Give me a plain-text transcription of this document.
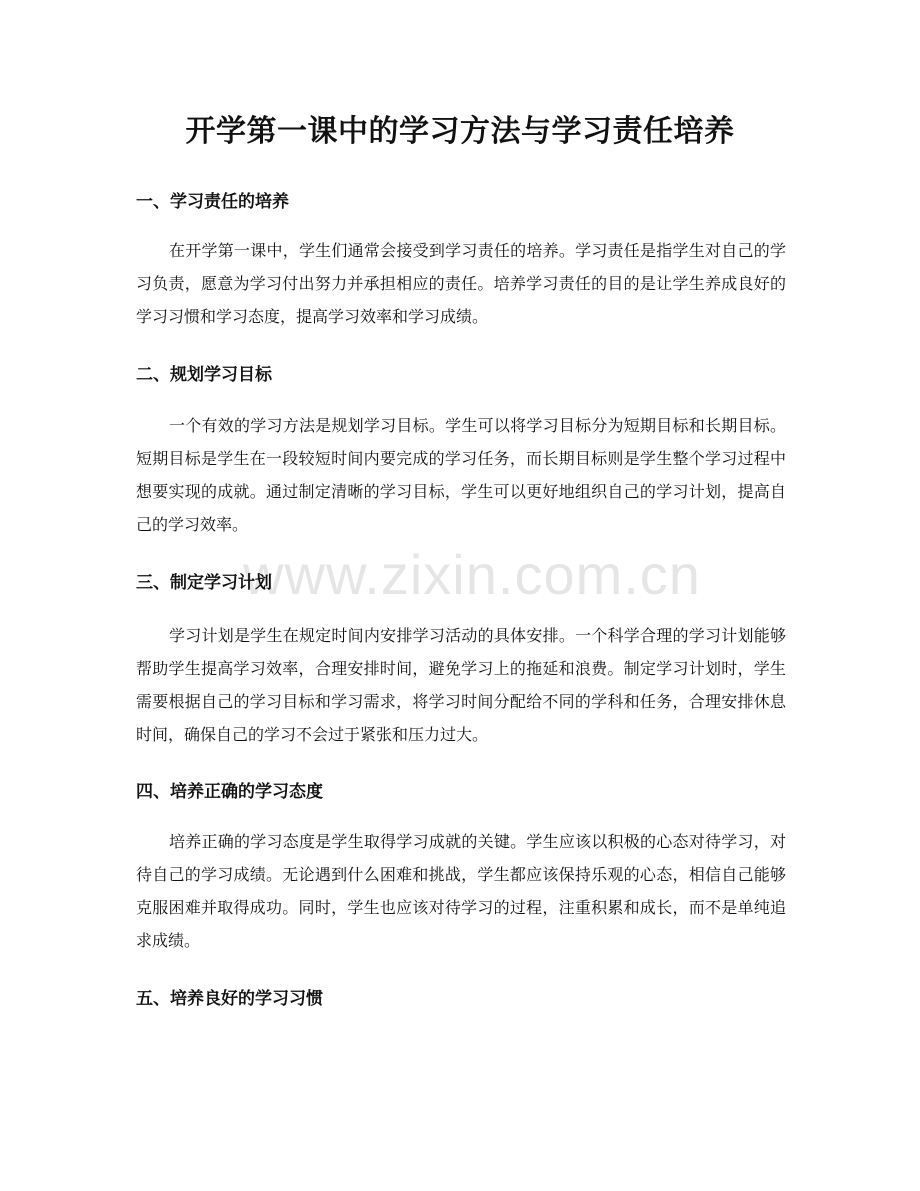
开学第一课中的学习方法与学习责任培养
一、学习责任的培养

在开学第一课中，学生们通常会接受到学习责任的培养。学习责任是指学生对自己的学习负责，愿意为学习付出努力并承担相应的责任。培养学习责任的目的是让学生养成良好的学习习惯和学习态度，提高学习效率和学习成绩。

二、规划学习目标

一个有效的学习方法是规划学习目标。学生可以将学习目标分为短期目标和长期目标。短期目标是学生在一段较短时间内要完成的学习任务，而长期目标则是学生整个学习过程中想要实现的成就。通过制定清晰的学习目标，学生可以更好地组织自己的学习计划，提高自己的学习效率。

三、制定学习计划

学习计划是学生在规定时间内安排学习活动的具体安排。一个科学合理的学习计划能够帮助学生提高学习效率，合理安排时间，避免学习上的拖延和浪费。制定学习计划时，学生需要根据自己的学习目标和学习需求，将学习时间分配给不同的学科和任务，合理安排休息时间，确保自己的学习不会过于紧张和压力过大。

四、培养正确的学习态度

培养正确的学习态度是学生取得学习成就的关键。学生应该以积极的心态对待学习，对待自己的学习成绩。无论遇到什么困难和挑战，学生都应该保持乐观的心态，相信自己能够克服困难并取得成功。同时，学生也应该对待学习的过程，注重积累和成长，而不是单纯追求成绩。

五、培养良好的学习习惯
www.zixin.com.cn
